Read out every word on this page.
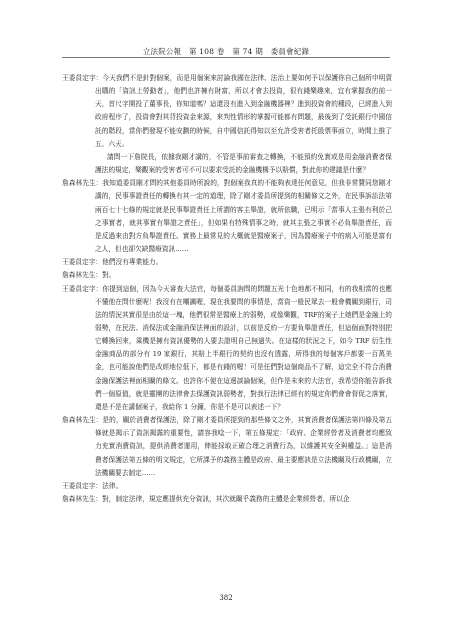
立法院公報　第 108 卷　第 74 期　委員會紀錄

王委員定宇：今天我們不是針對個案，而是用個案來討論我國在法律、法治上要如何予以保護你自己個所申明賣出購的「資訊上勞動者」，他們也許擁有財富，所以才會去投資，很有錢樂趣來，宜有掌握我的前一天，首尺字開投了董事長，你知道嗎？這還沒有進入到金融機器裡？進到投資會的種段，已經進入到政府程序了，投資會對其背投資金來源，來判性情形的掌握可能都有問題，最後到了受託銀行中國信託的階段，當你們發現不能安劃的時候，自中國信託得知以至允許受害者托股票事面立，時間上推了五、六天。

請問一下詹院長，依據我剛才講的，不管是事前審查之轉換，不能預約免實或是用金融消費者保護法的規定，樂觀案的受害者可不可以要求受託的金融機構予以賠償，對此你的建議是什麼？

詹森林先生：我知道委員剛才問的其他委員時所說的，對個案我真的不能夠表達任何意見，但我非常贊同您剛才講的，民事事證責任的轉換有其一定的道理，除了剛才委員所提到的相關條文之外，在民事訴訟法第兩百七十七條的規定就是民事舉證責任上所謂的客主舉證，就所依職，已明示「當事人主張有利於己之事實者，就其事實有舉證之責任」，但如果有特殊情事之時，就其主張之事實不必負舉證責任，而是反過來由對方負舉證責任。實務上最常見的大概就是醫療案子，因為醫療案子中的病人可能是富有之人，但也卻欠缺醫療資訊……

王委員定宇：他們沒有專業能力。

詹森林先生：對。

王委員定宇：你提到這個，因為今天審查大法官，每個委員詢問的問題五光十色地都不相同，有的我相當的也應不懂他在問什麼呢！我沒有在嘲諷喔，現在我要問的事情是，當資一般民眾去一般會機關到銀行，司法的情況其實很是由於這一塊，他們很常是醫療上的弱勢，或像樂觀，TRF的案子上她們是金融上的弱勢，在民法、消保法或金融消保法裡面的設計，以前是反約一方要負舉證責任，但這個面對特別把它轉換回來，乘機是擁有資訊優勢的人要去證明自己無過失。在這樣的狀況之下，如今 TRF 衍生性金融商品的部分有 19 家銀行，其賠上半銀行的契約也沒有透露，所得我的每個客戶都要一百萬美金，也可能說他們是改經地位低下，都是有錢的喔！可是任們對這個商品不了解，這完全不符合消費金融保護法裡面相關的條文。也許你不便在這邊談論個案，但作是未來的大法官，我希望你能告訴我們一個原值，就是靈團的法律會去保護資訊弱勢者，對我行法律已經有的規定你們會會督促之落實，還是不是在講個案子，我給你 1 分鐘，你是不是可以表述一下？

詹森林先生：是的，關於消費者保護法，除了剛才委員所提到的那些條文之外，其實消費者保護法第四條及第五條就是揭示了資訊揭露的重要性，請容我唸一下，第五條規定：「政府、企業經營者及消費者均應致力充實消費資訊，提供消費者運用，俾能採取正確合理之消費行為，以維護其安全與權益。」這是消費者保護法第五條的明文規定，它所課予的義務主體是政府、最主要應該是立法機關及行政機關，立法機關要去制定……

王委員定宇：法律。

詹森林先生：對，制定法律，規定應提供充分資訊，其次就關乎義務的主體是企業經營者，所以企

382
